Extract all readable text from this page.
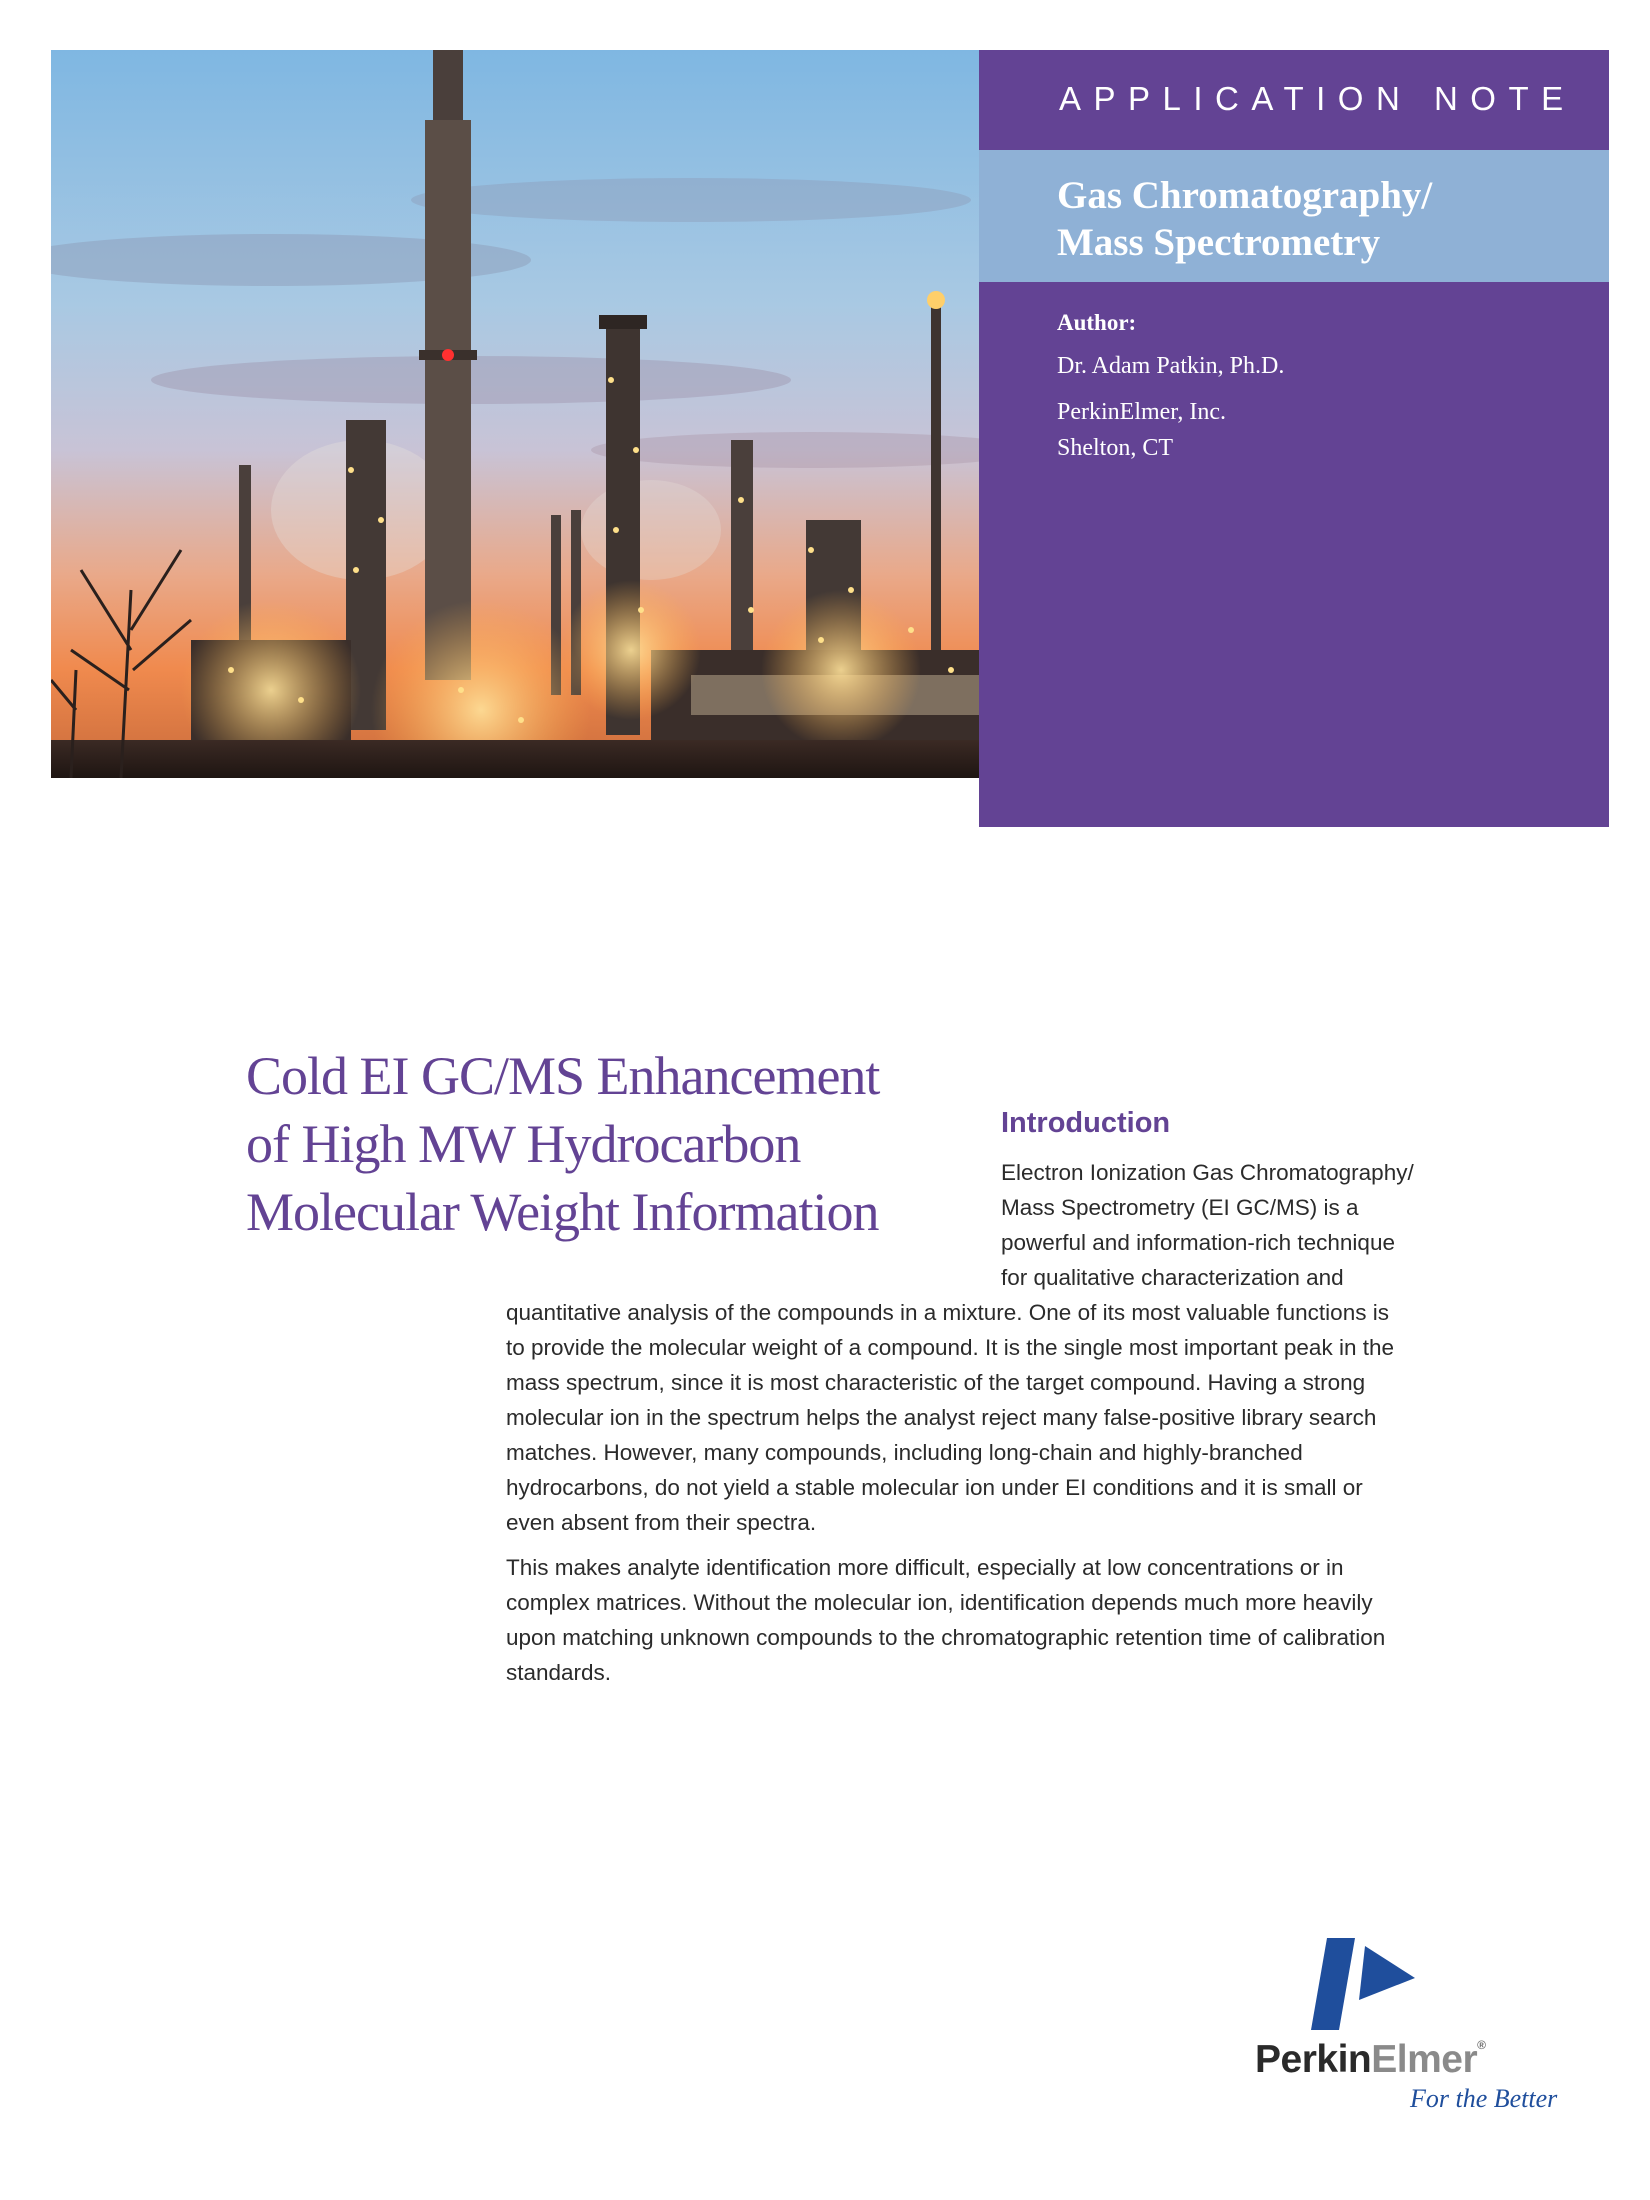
APPLICATION NOTE
Gas Chromatography/
Mass Spectrometry
Author:
Dr. Adam Patkin, Ph.D.
PerkinElmer, Inc.
Shelton, CT
Cold EI GC/MS Enhancement
of High MW Hydrocarbon
Molecular Weight Information
Introduction
Electron Ionization Gas Chromatography/
Mass Spectrometry (EI GC/MS) is a
powerful and information-rich technique
for qualitative characterization and
quantitative analysis of the compounds in a mixture. One of its most valuable functions is to provide the molecular weight of a compound. It is the single most important peak in the mass spectrum, since it is most characteristic of the target compound. Having a strong molecular ion in the spectrum helps the analyst reject many false-positive library search matches. However, many compounds, including long-chain and highly-branched hydrocarbons, do not yield a stable molecular ion under EI conditions and it is small or even absent from their spectra.
This makes analyte identification more difficult, especially at low concentrations or in complex matrices. Without the molecular ion, identification depends much more heavily upon matching unknown compounds to the chromatographic retention time of calibration standards.
PerkinElmer®
For the Better
